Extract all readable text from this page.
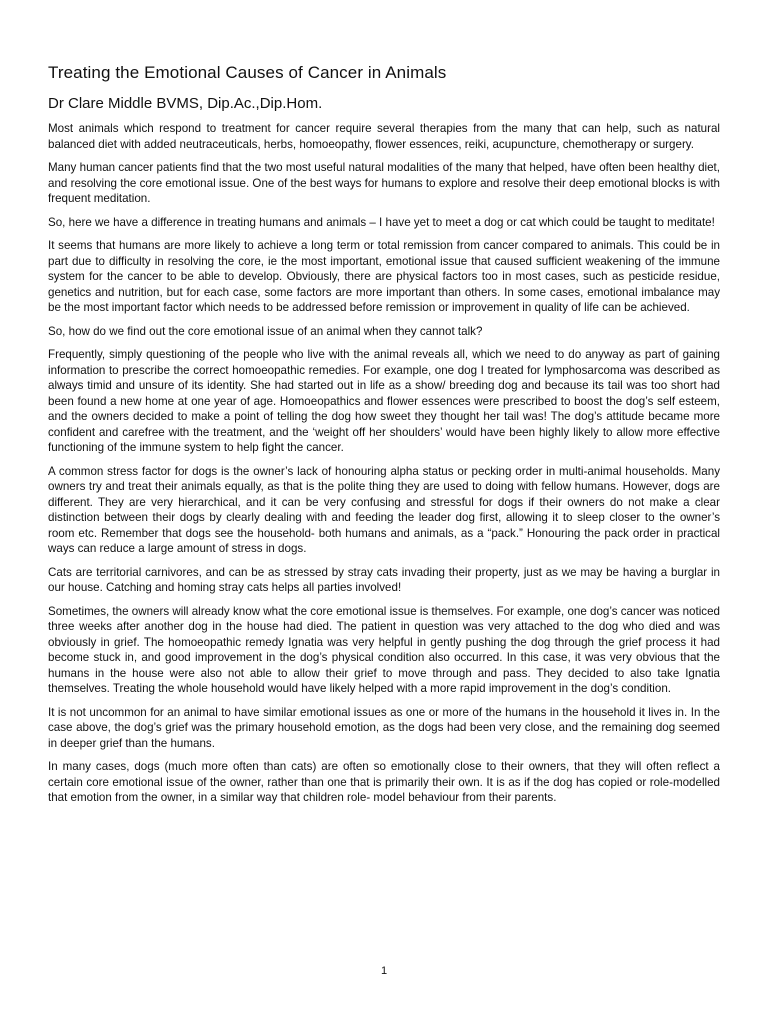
Treating the Emotional Causes of Cancer in Animals
Dr Clare Middle BVMS, Dip.Ac.,Dip.Hom.

Most animals which respond to treatment for cancer require several therapies from the many that can help, such as natural balanced diet with added neutraceuticals, herbs, homoeopathy, flower essences, reiki, acupuncture, chemotherapy or surgery.

Many human cancer patients find that the two most useful natural modalities of the many that helped, have often been healthy diet, and resolving the core emotional issue. One of the best ways for humans to explore and resolve their deep emotional blocks is with frequent meditation.

So, here we have a difference in treating humans and animals – I have yet to meet a dog or cat which could be taught to meditate!

It seems that humans are more likely to achieve a long term or total remission from cancer compared to animals. This could be in part due to difficulty in resolving the core, ie the most important, emotional issue that caused sufficient weakening of the immune system for the cancer to be able to develop. Obviously, there are physical factors too in most cases, such as pesticide residue, genetics and nutrition, but for each case, some factors are more important than others. In some cases, emotional imbalance may be the most important factor which needs to be addressed before remission or improvement in quality of life can be achieved.

So, how do we find out the core emotional issue of an animal when they cannot talk?

Frequently, simply questioning of the people who live with the animal reveals all, which we need to do anyway as part of gaining information to prescribe the correct homoeopathic remedies. For example, one dog I treated for lymphosarcoma was described as always timid and unsure of its identity. She had started out in life as a show/ breeding dog and because its tail was too short had been found a new home at one year of age. Homoeopathics and flower essences were prescribed to boost the dog’s self esteem, and the owners decided to make a point of telling the dog how sweet they thought her tail was! The dog’s attitude became more confident and carefree with the treatment, and the ‘weight off her shoulders’ would have been highly likely to allow more effective functioning of the immune system to help fight the cancer.

A common stress factor for dogs is the owner’s lack of honouring alpha status or pecking order in multi-animal households. Many owners try and treat their animals equally, as that is the polite thing they are used to doing with fellow humans. However, dogs are different. They are very hierarchical, and it can be very confusing and stressful for dogs if their owners do not make a clear distinction between their dogs by clearly dealing with and feeding the leader dog first, allowing it to sleep closer to the owner’s room etc. Remember that dogs see the household- both humans and animals, as a “pack.” Honouring the pack order in practical ways can reduce a large amount of stress in dogs.

Cats are territorial carnivores, and can be as stressed by stray cats invading their property, just as we may be having a burglar in our house. Catching and homing stray cats helps all parties involved!

Sometimes, the owners will already know what the core emotional issue is themselves. For example, one dog’s cancer was noticed three weeks after another dog in the house had died. The patient in question was very attached to the dog who died and was obviously in grief. The homoeopathic remedy Ignatia was very helpful in gently pushing the dog through the grief process it had become stuck in, and good improvement in the dog’s physical condition also occurred. In this case, it was very obvious that the humans in the house were also not able to allow their grief to move through and pass. They decided to also take Ignatia themselves. Treating the whole household would have likely helped with a more rapid improvement in the dog’s condition.

It is not uncommon for an animal to have similar emotional issues as one or more of the humans in the household it lives in. In the case above, the dog’s grief was the primary household emotion, as the dogs had been very close, and the remaining dog seemed in deeper grief than the humans.

In many cases, dogs (much more often than cats) are often so emotionally close to their owners, that they will often reflect a certain core emotional issue of the owner, rather than one that is primarily their own. It is as if the dog has copied or role-modelled that emotion from the owner, in a similar way that children role- model behaviour from their parents.

1
